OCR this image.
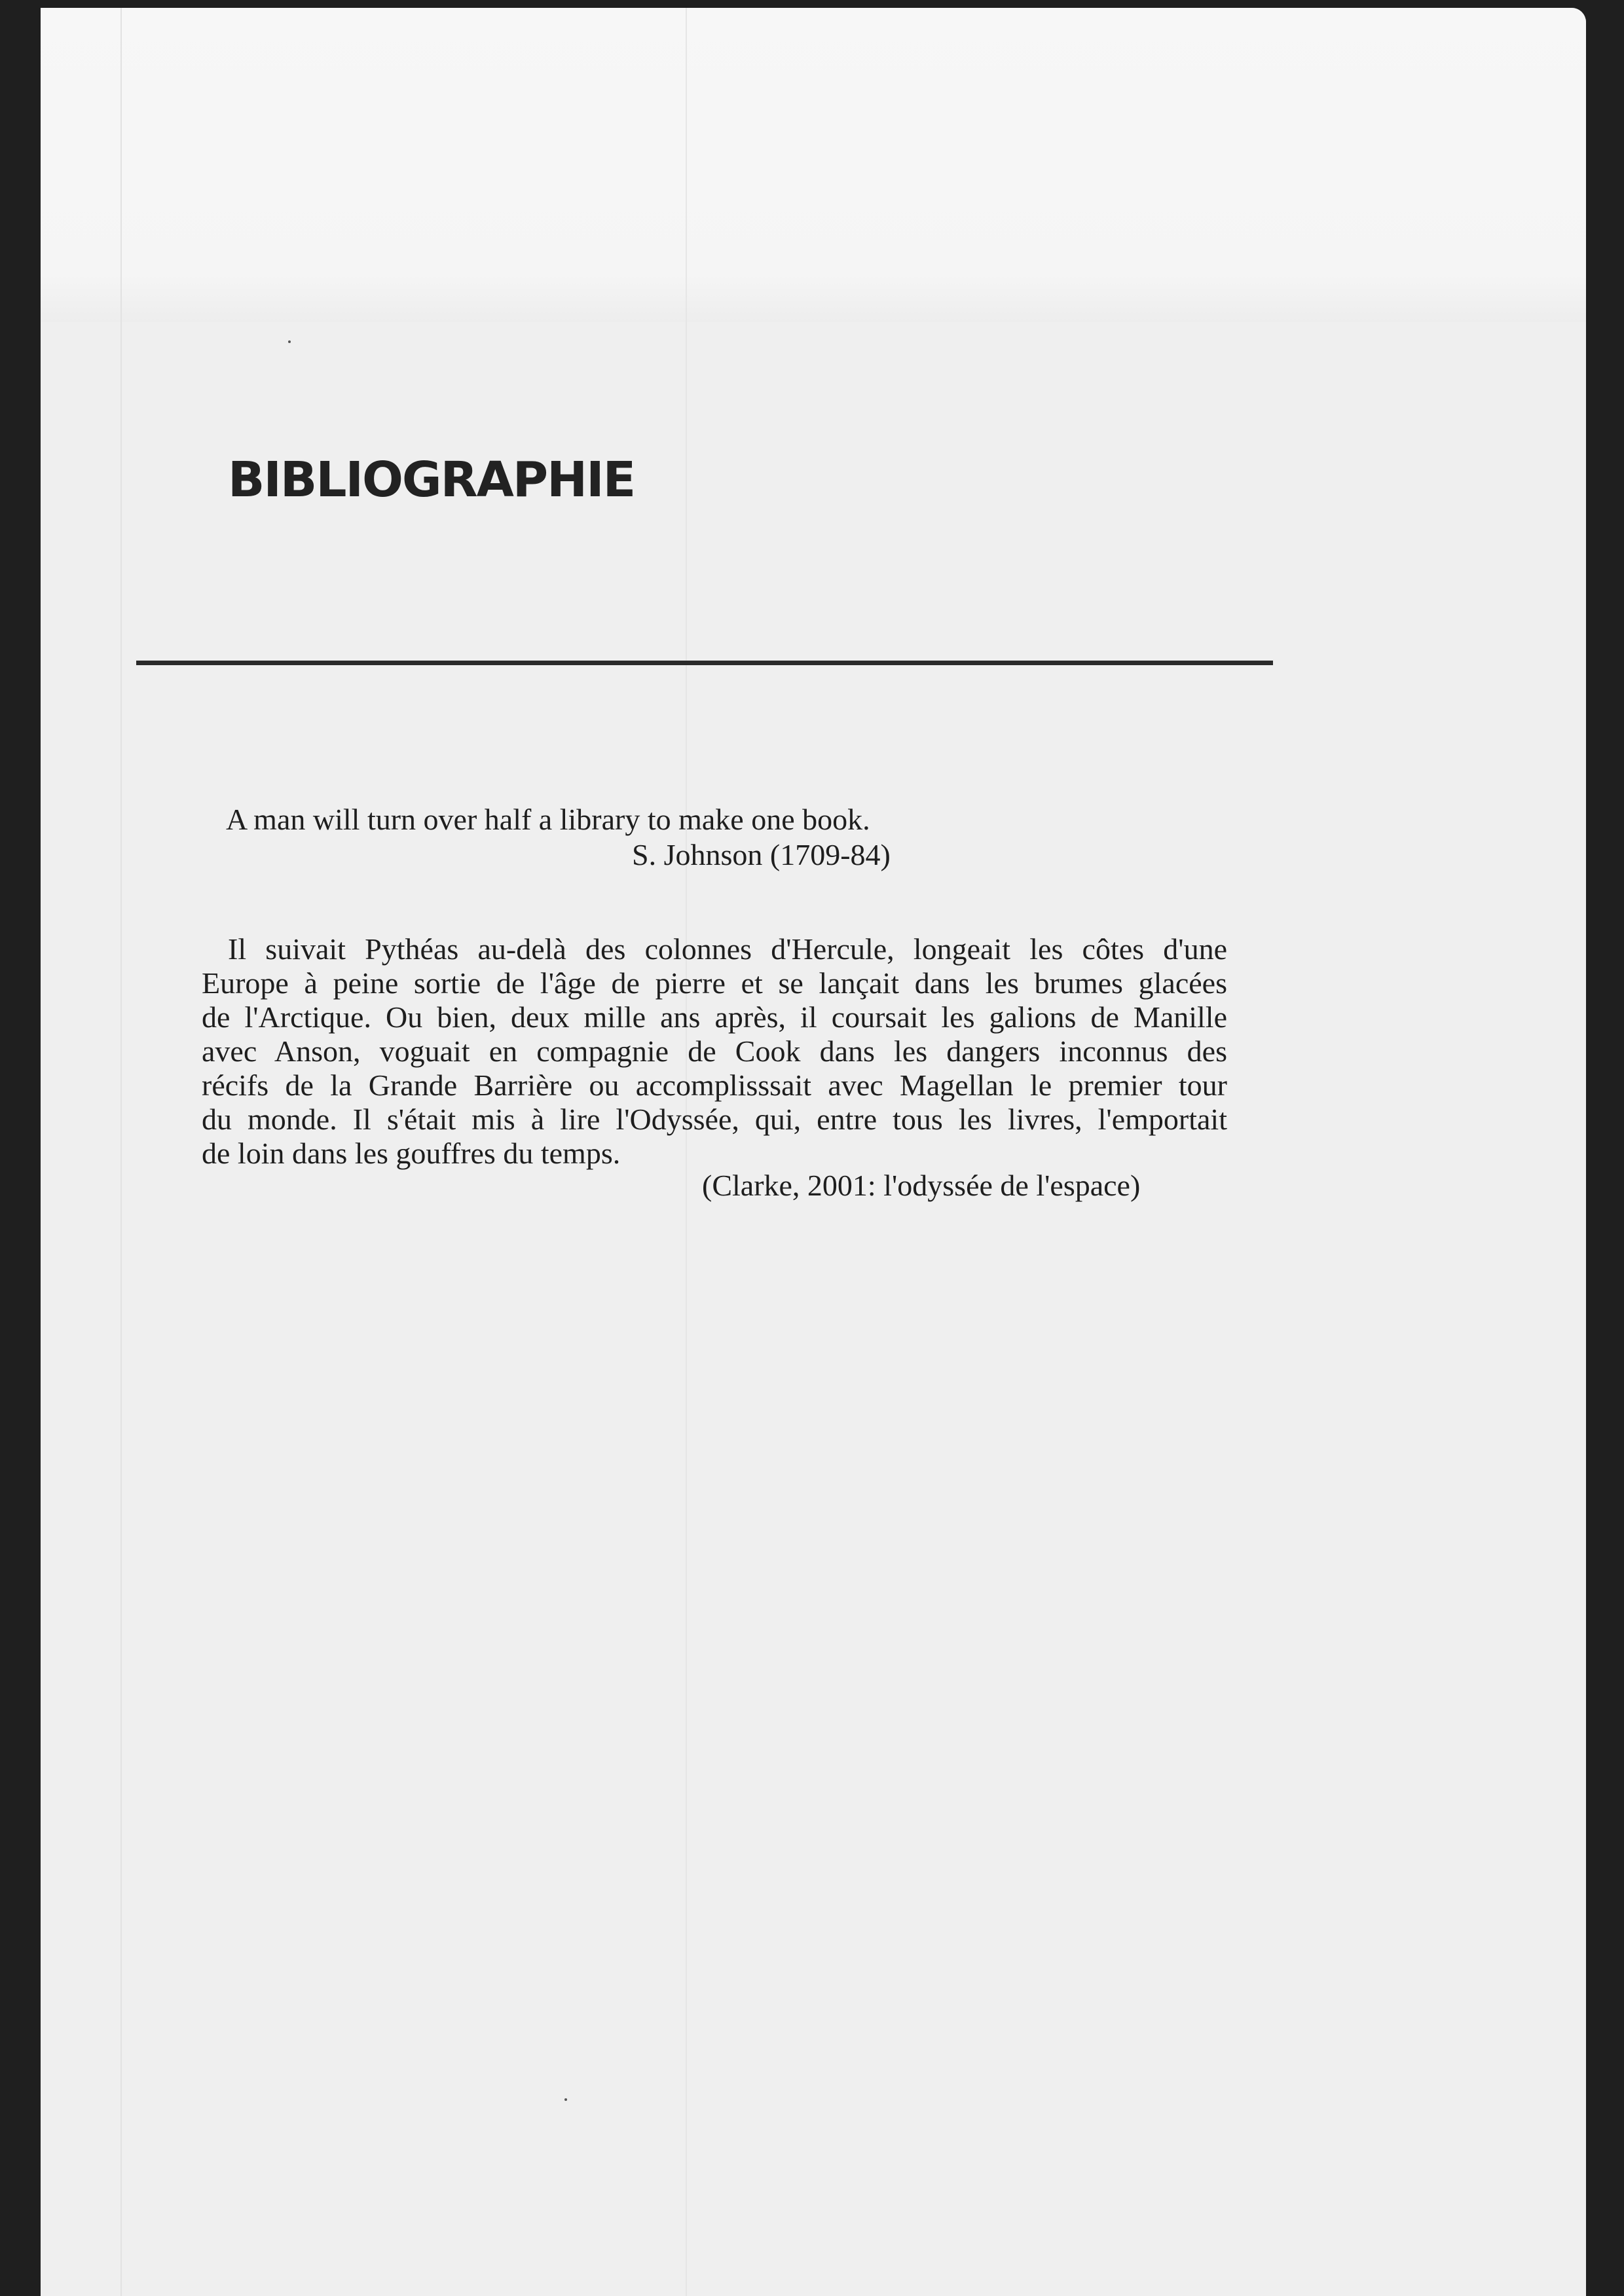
BIBLIOGRAPHIE
A man will turn over half a library to make one book.
S. Johnson (1709-84)
Il suivait Pythéas au-delà des colonnes d'Hercule, longeait les côtes d'une
Europe à peine sortie de l'âge de pierre et se lançait dans les brumes glacées
de l'Arctique. Ou bien, deux mille ans après, il coursait les galions de Manille
avec Anson, voguait en compagnie de Cook dans les dangers inconnus des
récifs de la Grande Barrière ou accomplisssait avec Magellan le premier tour
du monde. Il s'était mis à lire l'Odyssée, qui, entre tous les livres, l'emportait
de loin dans les gouffres du temps.
(Clarke, 2001: l'odyssée de l'espace)
